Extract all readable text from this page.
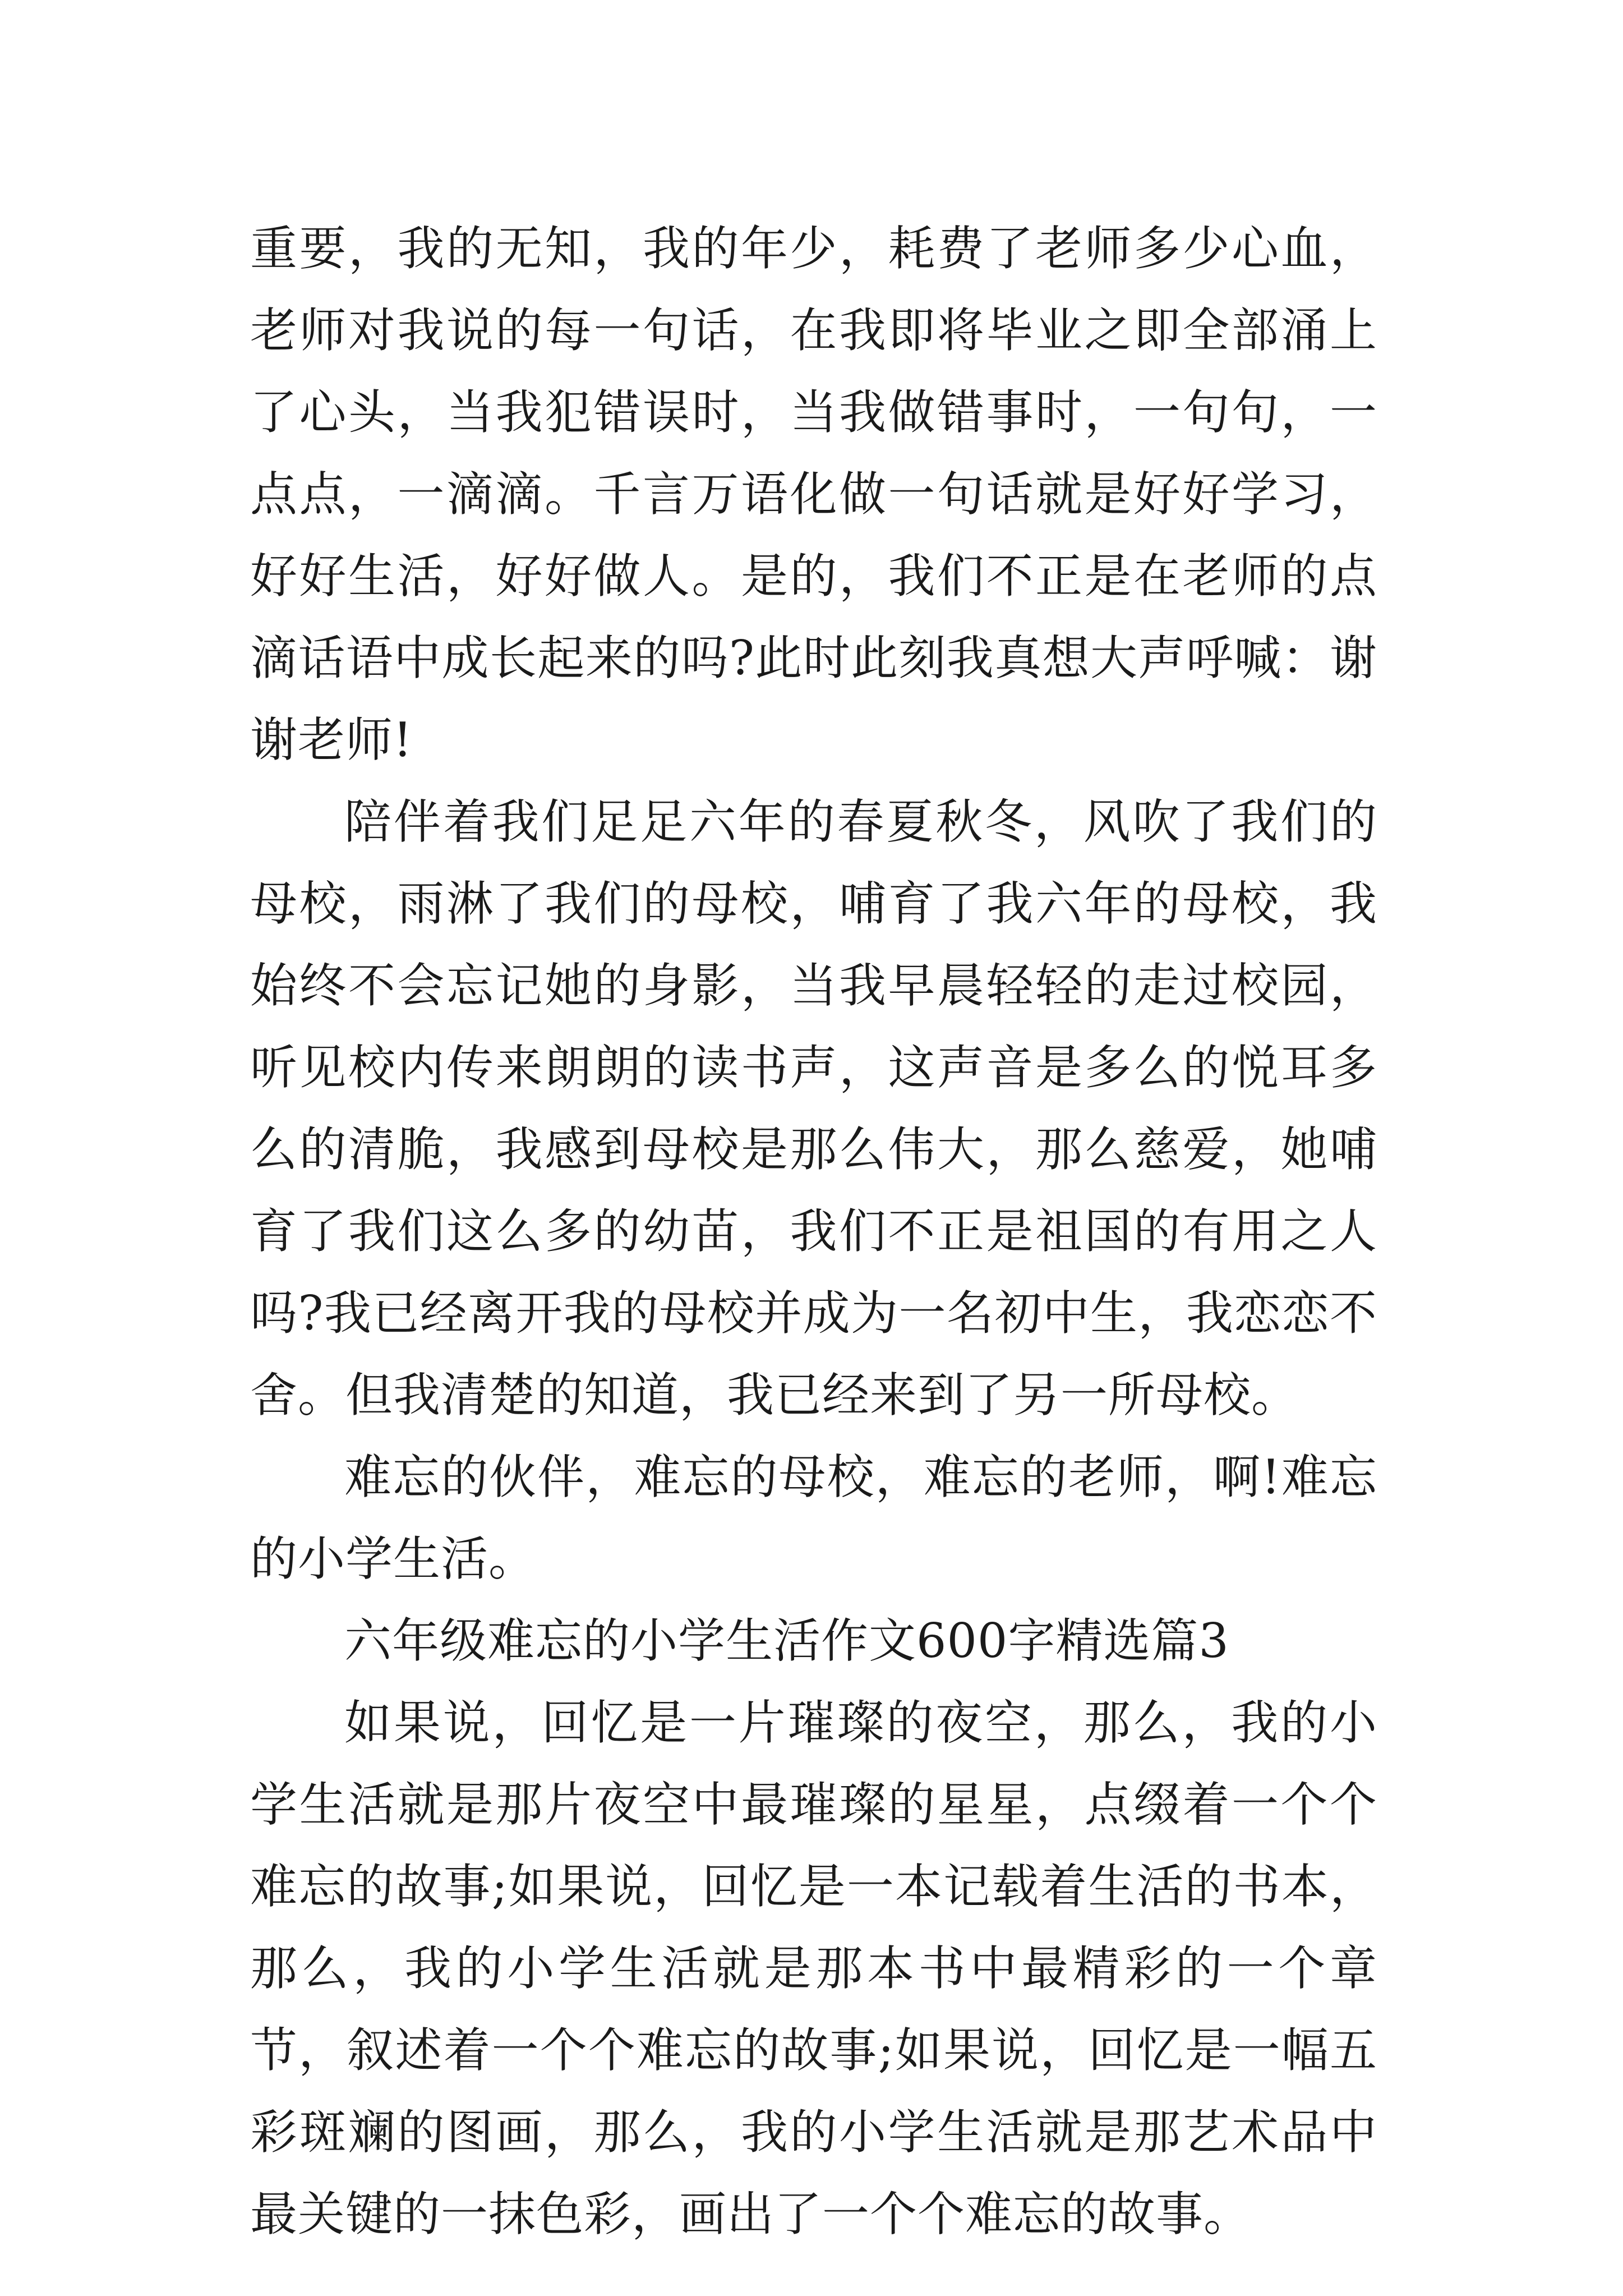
重要，我的无知，我的年少，耗费了老师多少心血，老师对我说的每一句话，在我即将毕业之即全部涌上了心头，当我犯错误时，当我做错事时，一句句，一点点，一滴滴。千言万语化做一句话就是好好学习，好好生活，好好做人。是的，我们不正是在老师的点滴话语中成长起来的吗?此时此刻我真想大声呼喊：谢谢老师!

陪伴着我们足足六年的春夏秋冬，风吹了我们的母校，雨淋了我们的母校，哺育了我六年的母校，我始终不会忘记她的身影，当我早晨轻轻的走过校园，听见校内传来朗朗的读书声，这声音是多么的悦耳多么的清脆，我感到母校是那么伟大，那么慈爱，她哺育了我们这么多的幼苗，我们不正是祖国的有用之人吗?我已经离开我的母校并成为一名初中生，我恋恋不舍。但我清楚的知道，我已经来到了另一所母校。

难忘的伙伴，难忘的母校，难忘的老师，啊!难忘的小学生活。

六年级难忘的小学生活作文600字精选篇3

如果说，回忆是一片璀璨的夜空，那么，我的小学生活就是那片夜空中最璀璨的星星，点缀着一个个难忘的故事;如果说，回忆是一本记载着生活的书本，那么，我的小学生活就是那本书中最精彩的一个章节，叙述着一个个难忘的故事;如果说，回忆是一幅五彩斑斓的图画，那么，我的小学生活就是那艺术品中最关键的一抹色彩，画出了一个个难忘的故事。
